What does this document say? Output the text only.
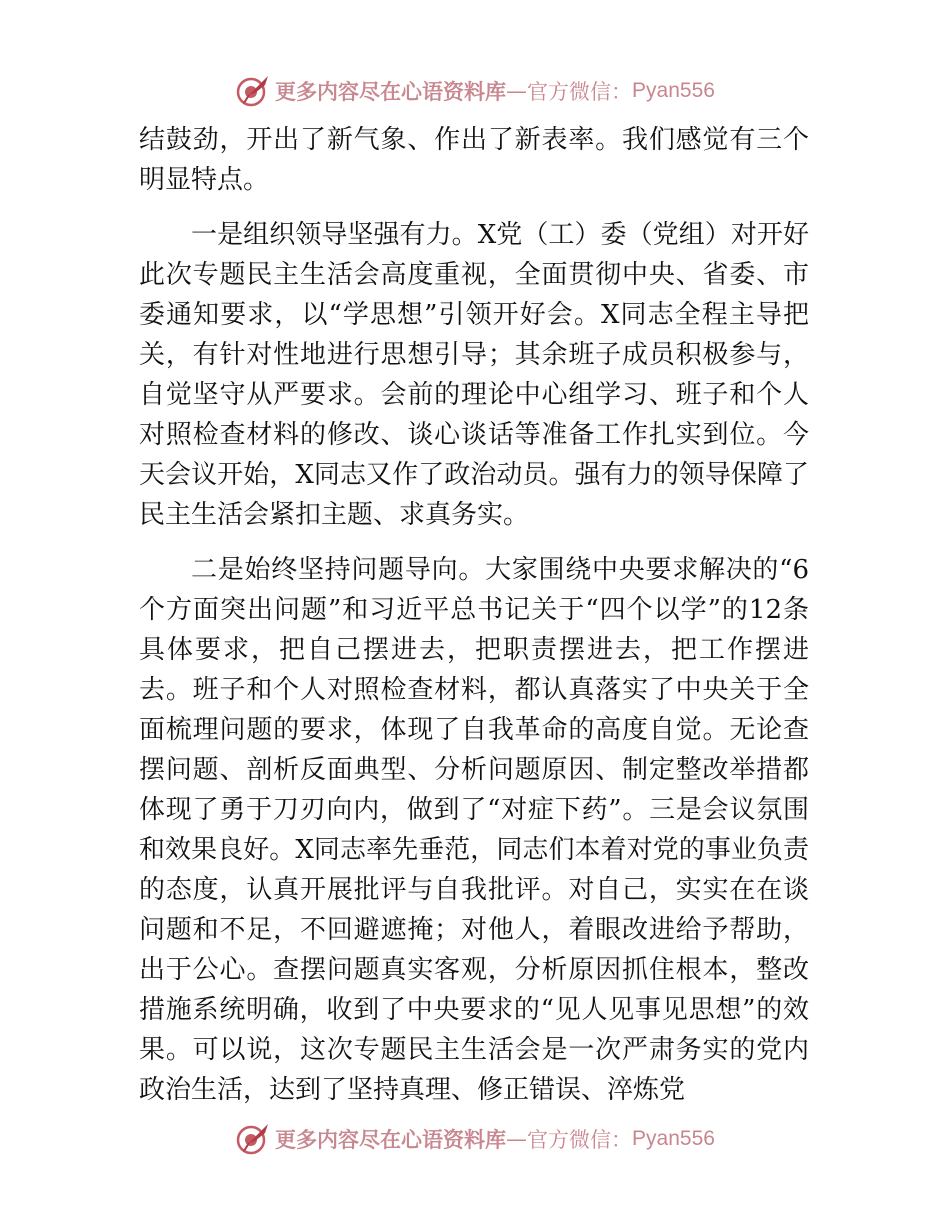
更多内容尽在心语资料库 — 官方微信： Pyan556

结鼓劲，开出了新气象、作出了新表率。我们感觉有三个明显特点。

一是组织领导坚强有力。X党（工）委（党组）对开好此次专题民主生活会高度重视，全面贯彻中央、省委、市委通知要求，以“学思想”引领开好会。X同志全程主导把关，有针对性地进行思想引导；其余班子成员积极参与，自觉坚守从严要求。会前的理论中心组学习、班子和个人对照检查材料的修改、谈心谈话等准备工作扎实到位。今天会议开始，X同志又作了政治动员。强有力的领导保障了民主生活会紧扣主题、求真务实。

二是始终坚持问题导向。大家围绕中央要求解决的“6个方面突出问题”和习近平总书记关于“四个以学”的12条具体要求，把自己摆进去，把职责摆进去，把工作摆进去。班子和个人对照检查材料，都认真落实了中央关于全面梳理问题的要求，体现了自我革命的高度自觉。无论查摆问题、剖析反面典型、分析问题原因、制定整改举措都体现了勇于刀刃向内，做到了“对症下药”。三是会议氛围和效果良好。X同志率先垂范，同志们本着对党的事业负责的态度，认真开展批评与自我批评。对自己，实实在在谈问题和不足，不回避遮掩；对他人，着眼改进给予帮助，出于公心。查摆问题真实客观，分析原因抓住根本，整改措施系统明确，收到了中央要求的“见人见事见思想”的效果。可以说，这次专题民主生活会是一次严肃务实的党内政治生活，达到了坚持真理、修正错误、淬炼党

更多内容尽在心语资料库 — 官方微信： Pyan556
